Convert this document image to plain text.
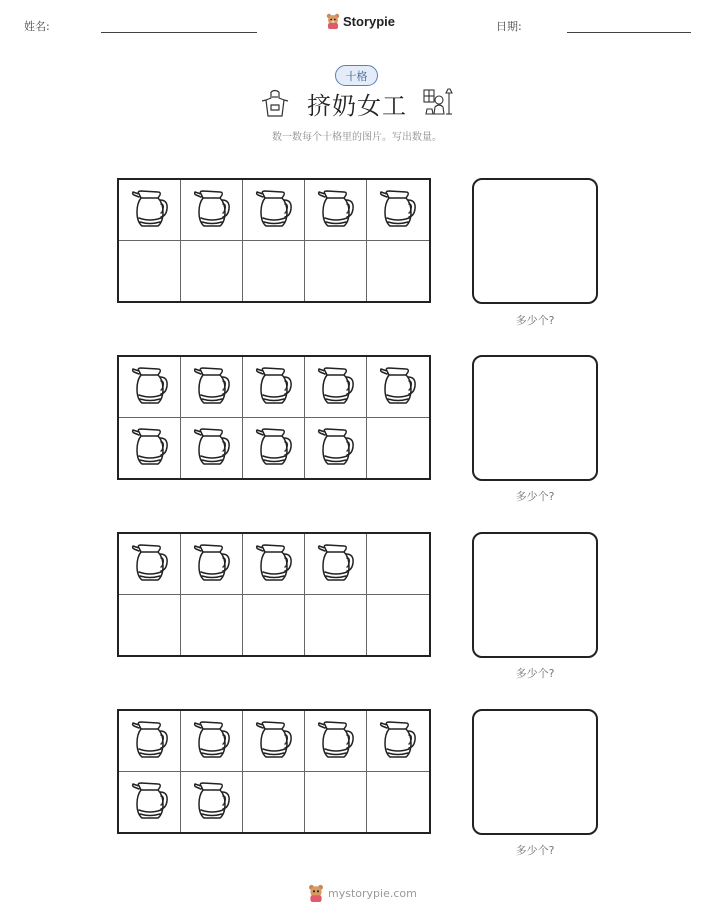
姓名:	Storypie	日期:
十格
挤奶女工
数一数每个十格里的图片。写出数量。
多少个?
多少个?
多少个?
多少个?
mystorypie.com
